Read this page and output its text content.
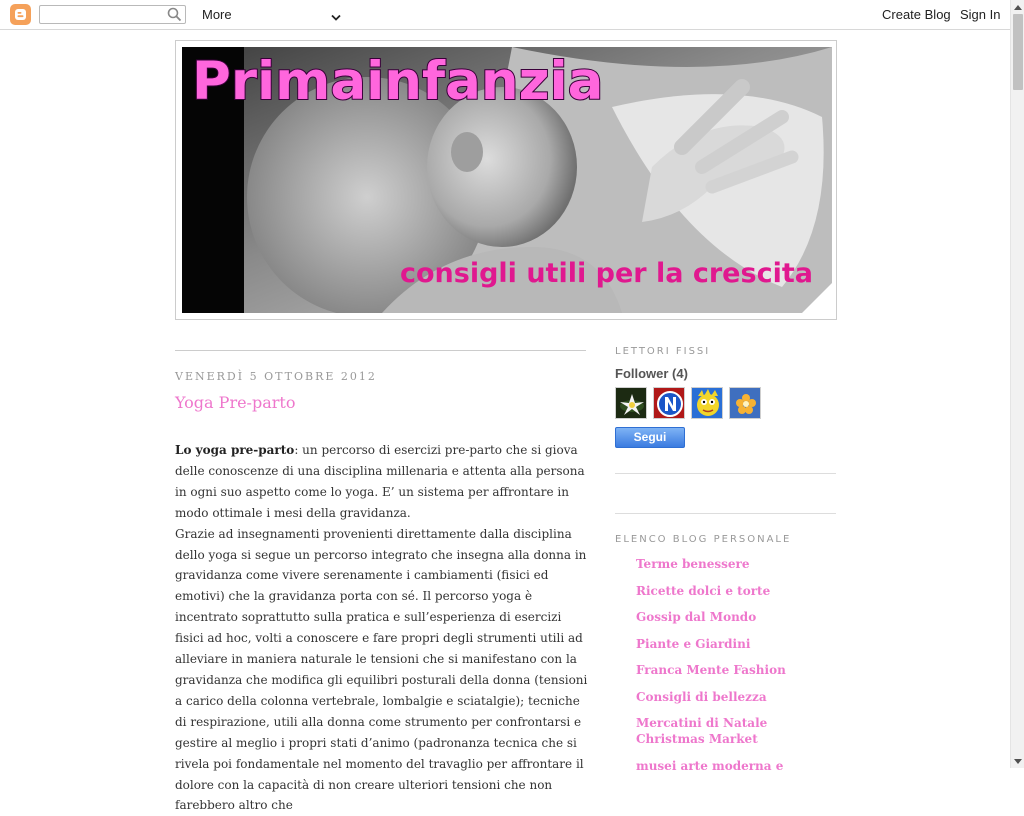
More	Create Blog Sign In
Primainfanzia
consigli utili per la crescita
VENERDÌ 5 OTTOBRE 2012
Yoga Pre-parto

Lo yoga pre-parto: un percorso di esercizi pre-parto che si giova delle conoscenze di una disciplina millenaria e attenta alla persona in ogni suo aspetto come lo yoga. E’ un sistema per affrontare in modo ottimale i mesi della gravidanza.

Grazie ad insegnamenti provenienti direttamente dalla disciplina dello yoga si segue un percorso integrato che insegna alla donna in gravidanza come vivere serenamente i cambiamenti (fisici ed emotivi) che la gravidanza porta con sé. Il percorso yoga è incentrato soprattutto sulla pratica e sull’esperienza di esercizi fisici ad hoc, volti a conoscere e fare propri degli strumenti utili ad alleviare in maniera naturale le tensioni che si manifestano con la gravidanza che modifica gli equilibri posturali della donna (tensioni a carico della colonna vertebrale, lombalgie e sciatalgie); tecniche di respirazione, utili alla donna come strumento per confrontarsi e gestire al meglio i propri stati d’animo (padronanza tecnica che si rivela poi fondamentale nel momento del travaglio per affrontare il dolore con la capacità di non creare ulteriori tensioni che non farebbero altro che

LETTORI FISSI
Follower (4)
Segui
ELENCO BLOG PERSONALE
Terme benessere
Ricette dolci e torte
Gossip dal Mondo
Piante e Giardini
Franca Mente Fashion
Consigli di bellezza
Mercatini di Natale Christmas Market
musei arte moderna e
